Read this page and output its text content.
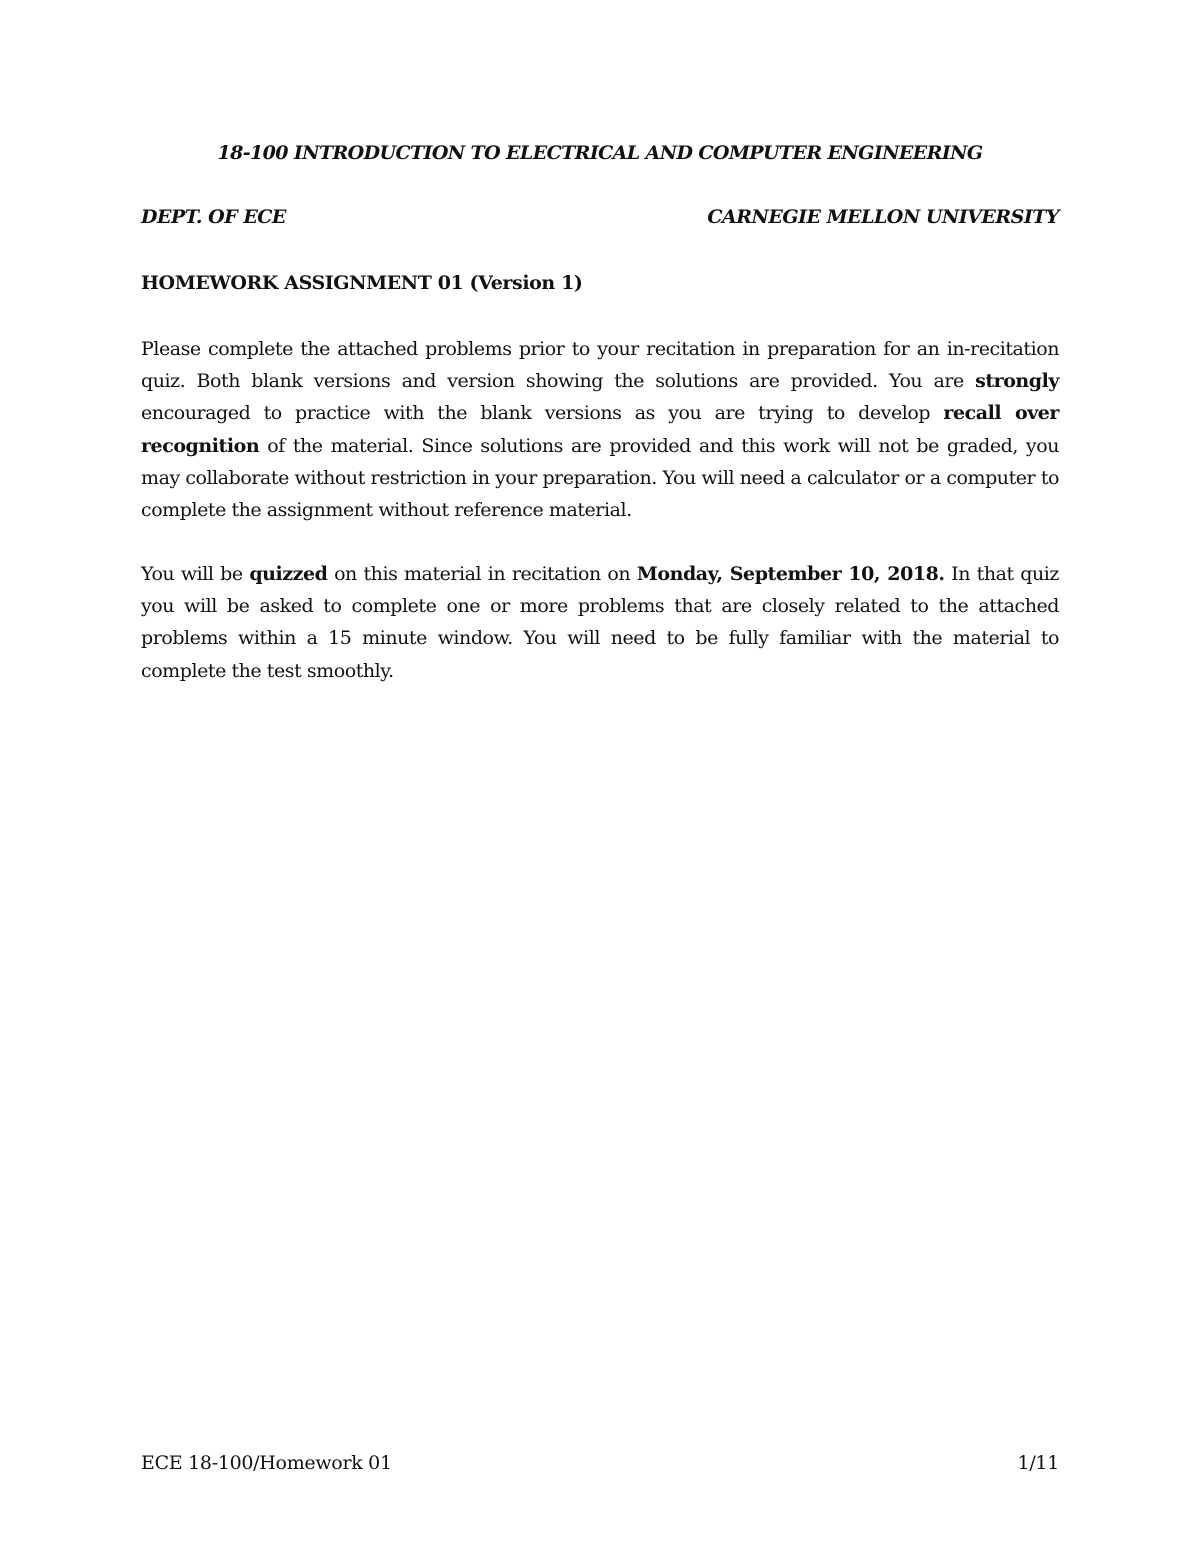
18-100 INTRODUCTION TO ELECTRICAL AND COMPUTER ENGINEERING
DEPT. OF ECE	CARNEGIE MELLON UNIVERSITY
HOMEWORK ASSIGNMENT 01 (Version 1)

Please complete the attached problems prior to your recitation in preparation for an in-recitation quiz. Both blank versions and version showing the solutions are provided. You are strongly encouraged to practice with the blank versions as you are trying to develop recall over recognition of the material. Since solutions are provided and this work will not be graded, you may collaborate without restriction in your preparation. You will need a calculator or a computer to complete the assignment without reference material.

You will be quizzed on this material in recitation on Monday, September 10, 2018. In that quiz you will be asked to complete one or more problems that are closely related to the attached problems within a 15 minute window. You will need to be fully familiar with the material to complete the test smoothly.

ECE 18-100/Homework 01	1/11
